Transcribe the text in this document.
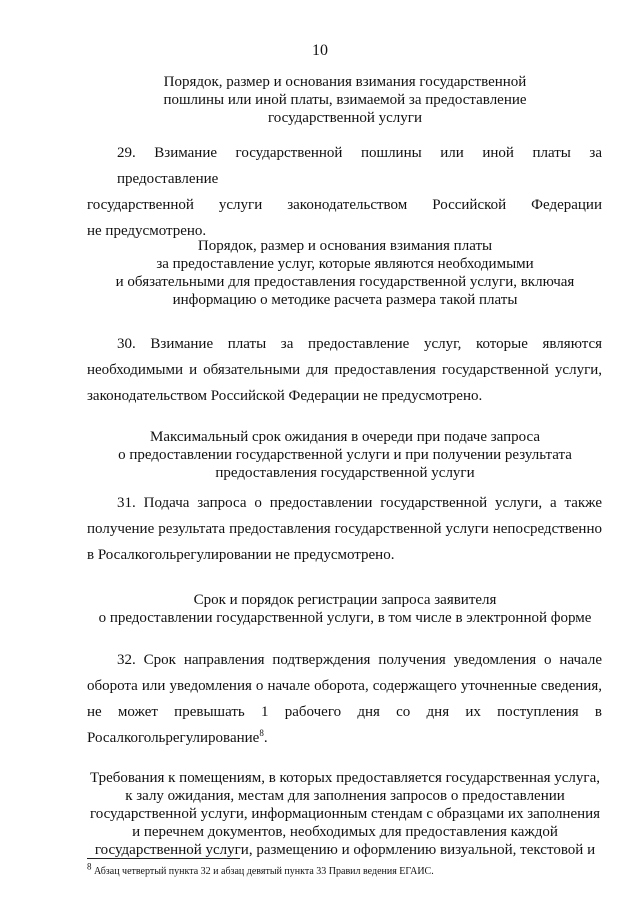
10
Порядок, размер и основания взимания государственной
пошлины или иной платы, взимаемой за предоставление
государственной услуги
29. Взимание государственной пошлины или иной платы за предоставление
государственной услуги законодательством Российской Федерации
не предусмотрено.
Порядок, размер и основания взимания платы
за предоставление услуг, которые являются необходимыми
и обязательными для предоставления государственной услуги, включая
информацию о методике расчета размера такой платы
30. Взимание платы за предоставление услуг, которые являются
необходимыми и обязательными для предоставления государственной услуги,
законодательством Российской Федерации не предусмотрено.
Максимальный срок ожидания в очереди при подаче запроса
о предоставлении государственной услуги и при получении результата
предоставления государственной услуги
31. Подача запроса о предоставлении государственной услуги, а также
получение результата предоставления государственной услуги непосредственно
в Росалкогольрегулировании не предусмотрено.
Срок и порядок регистрации запроса заявителя
о предоставлении государственной услуги, в том числе в электронной форме
32. Срок направления подтверждения получения уведомления о начале
оборота или уведомления о начале оборота, содержащего уточненные сведения,
не может превышать 1 рабочего дня со дня их поступления в
Росалкогольрегулирование$^8$.
Требования к помещениям, в которых предоставляется государственная услуга,
к залу ожидания, местам для заполнения запросов о предоставлении
государственной услуги, информационным стендам с образцами их заполнения
и перечнем документов, необходимых для предоставления каждой
государственной услуги, размещению и оформлению визуальной, текстовой и
$^8$ Абзац четвертый пункта 32 и абзац девятый пункта 33 Правил ведения ЕГАИС.
